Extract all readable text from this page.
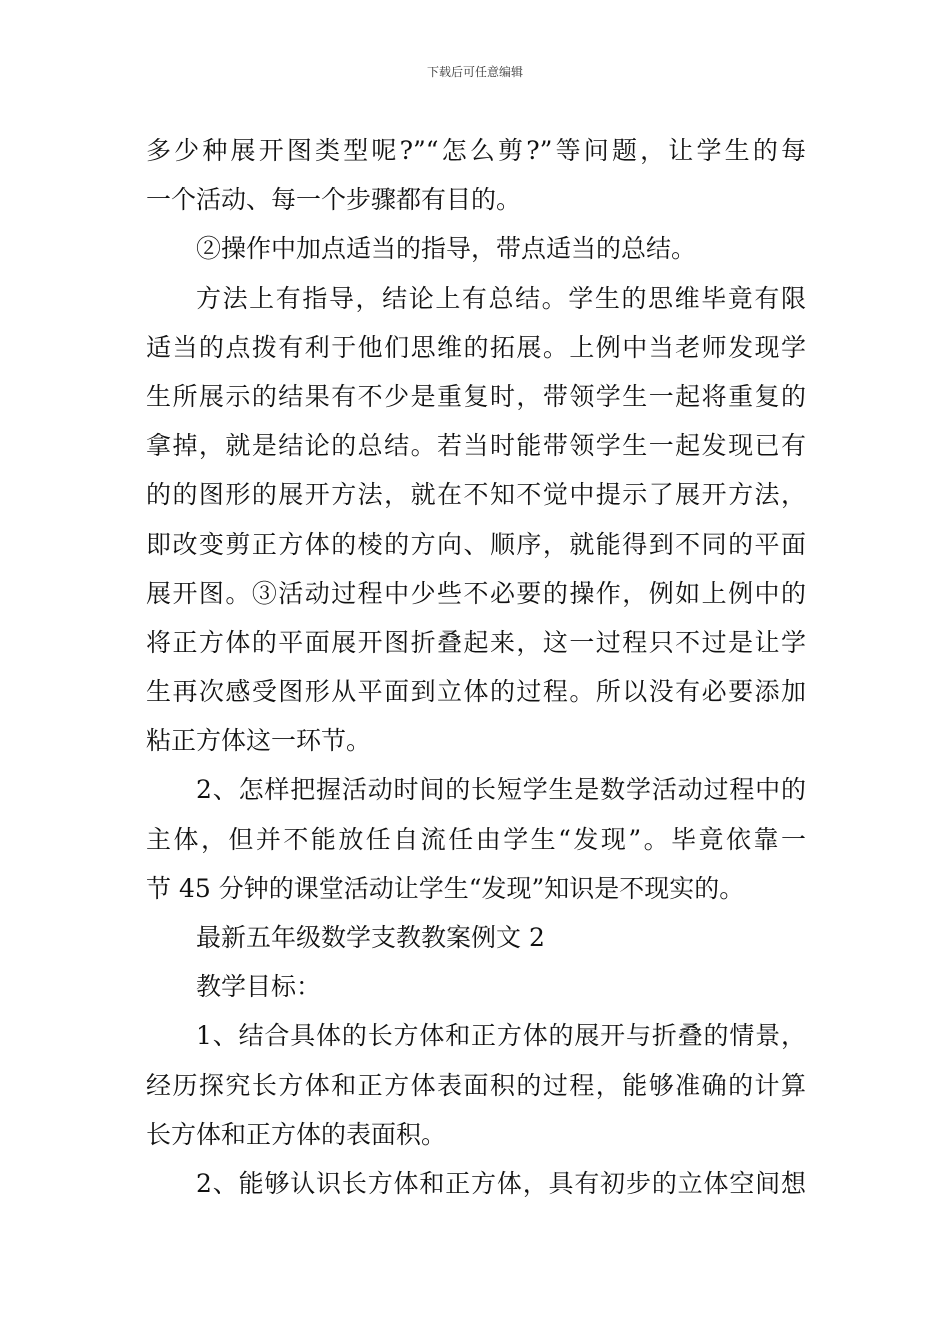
下载后可任意编辑
多少种展开图类型呢?”“怎么剪?”等问题，让学生的每
一个活动、每一个步骤都有目的。
②操作中加点适当的指导，带点适当的总结。
方法上有指导，结论上有总结。学生的思维毕竟有限
适当的点拨有利于他们思维的拓展。上例中当老师发现学
生所展示的结果有不少是重复时，带领学生一起将重复的
拿掉，就是结论的总结。若当时能带领学生一起发现已有
的的图形的展开方法，就在不知不觉中提示了展开方法，
即改变剪正方体的棱的方向、顺序，就能得到不同的平面
展开图。③活动过程中少些不必要的操作，例如上例中的
将正方体的平面展开图折叠起来，这一过程只不过是让学
生再次感受图形从平面到立体的过程。所以没有必要添加
粘正方体这一环节。
2、怎样把握活动时间的长短学生是数学活动过程中的
主体，但并不能放任自流任由学生“发现”。毕竟依靠一
节 45 分钟的课堂活动让学生“发现”知识是不现实的。
最新五年级数学支教教案例文 2
教学目标：
1、结合具体的长方体和正方体的展开与折叠的情景，
经历探究长方体和正方体表面积的过程，能够准确的计算
长方体和正方体的表面积。
2、能够认识长方体和正方体，具有初步的立体空间想
